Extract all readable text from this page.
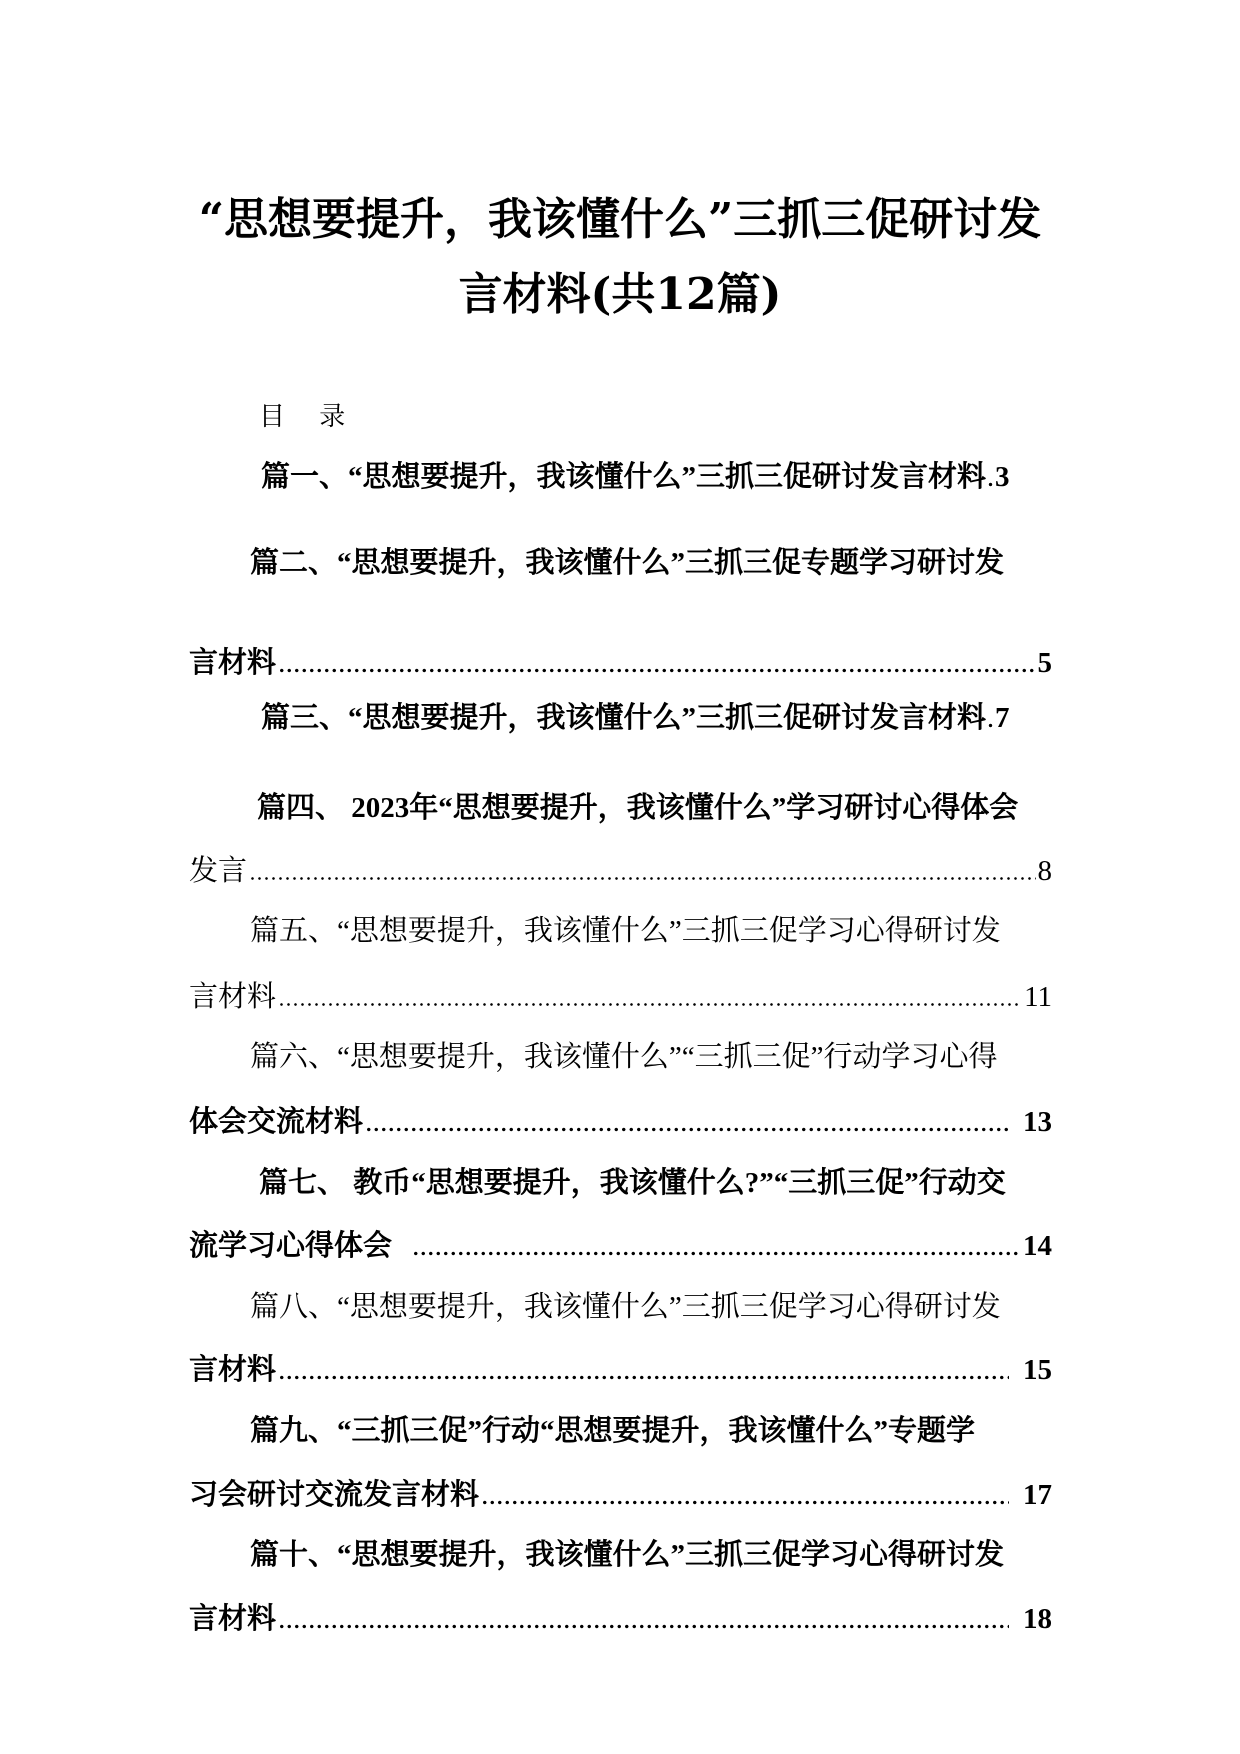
“思想要提升，我该懂什么”三抓三促研讨发
言材料(共12篇)
目 录
篇一、“思想要提升，我该懂什么”三抓三促研讨发言材料 3
篇二、“思想要提升，我该懂什么”三抓三促专题学习研讨发
言材料	5
篇三、“思想要提升，我该懂什么”三抓三促研讨发言材料 7
篇四、 2023年“思想要提升，我该懂什么”学习研讨心得体会
发言	8
篇五、“思想要提升，我该懂什么”三抓三促学习心得研讨发
言材料	11
篇六、“思想要提升，我该懂什么”“三抓三促”行动学习心得
体会交流材料	13
篇七、 教币“思想要提升，我该懂什么?”“三抓三促”行动交
流学习心得体会	14
篇八、“思想要提升，我该懂什么”三抓三促学习心得研讨发
言材料	15
篇九、“三抓三促”行动“思想要提升，我该懂什么”专题学
习会研讨交流发言材料	17
篇十、“思想要提升，我该懂什么”三抓三促学习心得研讨发
言材料	18
